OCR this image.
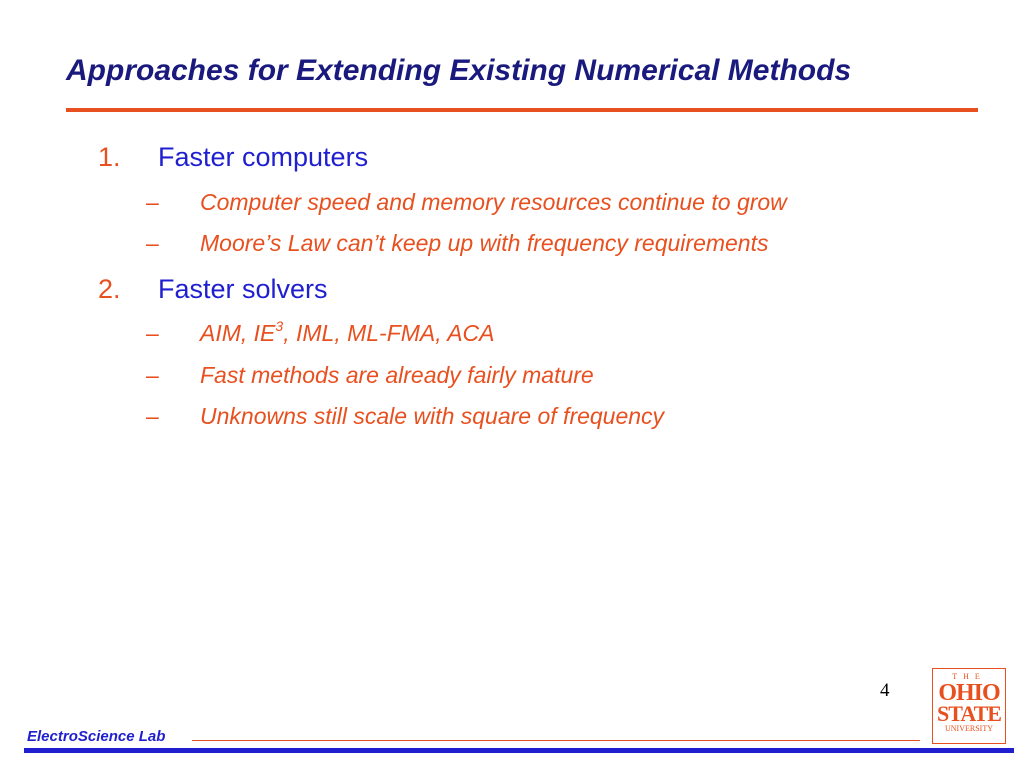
Approaches for Extending Existing Numerical Methods
1. Faster computers
– Computer speed and memory resources continue to grow
– Moore’s Law can’t keep up with frequency requirements
2. Faster solvers
– AIM, $IE^3$, IML, ML-FMA, ACA
– Fast methods are already fairly mature
– Unknowns still scale with square of frequency
4
THE
OHIO
STATE
UNIVERSITY
ElectroScience Lab
